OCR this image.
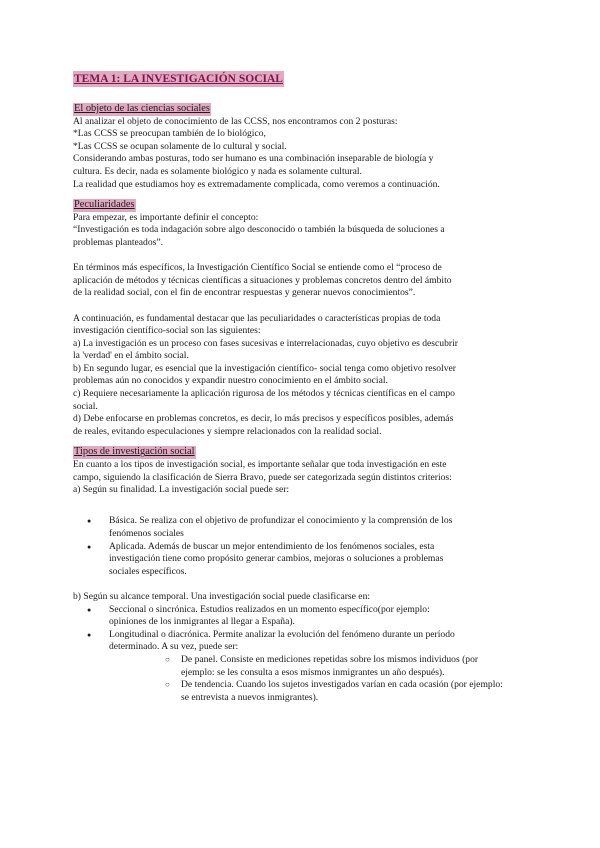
TEMA 1: LA INVESTIGACIÓN SOCIAL
El objeto de las ciencias sociales
Al analizar el objeto de conocimiento de las CCSS, nos encontramos con 2 posturas:
*Las CCSS se preocupan también de lo biológico,
*Las CCSS se ocupan solamente de lo cultural y social.
Considerando ambas posturas, todo ser humano es una combinación inseparable de biología y
cultura. Es decir, nada es solamente biológico y nada es solamente cultural.
La realidad que estudiamos hoy es extremadamente complicada, como veremos a continuación.
Peculiaridades
Para empezar, es importante definir el concepto:
“Investigación es toda indagación sobre algo desconocido o también la búsqueda de soluciones a
problemas planteados”.
En términos más específicos, la Investigación Científico Social se entiende como el “proceso de
aplicación de métodos y técnicas científicas a situaciones y problemas concretos dentro del ámbito
de la realidad social, con el fin de encontrar respuestas y generar nuevos conocimientos”.
A continuación, es fundamental destacar que las peculiaridades o características propias de toda
investigación científico-social son las siguientes:
a) La investigación es un proceso con fases sucesivas e interrelacionadas, cuyo objetivo es descubrir
la 'verdad' en el ámbito social.
b) En segundo lugar, es esencial que la investigación científico- social tenga como objetivo resolver
problemas aún no conocidos y expandir nuestro conocimiento en el ámbito social.
c) Requiere necesariamente la aplicación rigurosa de los métodos y técnicas científicas en el campo
social.
d) Debe enfocarse en problemas concretos, es decir, lo más precisos y específicos posibles, además
de reales, evitando especulaciones y siempre relacionados con la realidad social.
Tipos de investigación social
En cuanto a los tipos de investigación social, es importante señalar que toda investigación en este
campo, siguiendo la clasificación de Sierra Bravo, puede ser categorizada según distintos criterios:
a) Según su finalidad. La investigación social puede ser:
● Básica. Se realiza con el objetivo de profundizar el conocimiento y la comprensión de los
fenómenos sociales
● Aplicada. Además de buscar un mejor entendimiento de los fenómenos sociales, esta
investigación tiene como propósito generar cambios, mejoras o soluciones a problemas
sociales específicos.
b) Según su alcance temporal. Una investigación social puede clasificarse en:
● Seccional o sincrónica. Estudios realizados en un momento específico(por ejemplo:
opiniones de los inmigrantes al llegar a España).
● Longitudinal o diacrónica. Permite analizar la evolución del fenómeno durante un período
determinado. A su vez, puede ser:
○ De panel. Consiste en mediciones repetidas sobre los mismos individuos (por
ejemplo: se les consulta a esos mismos inmigrantes un año después).
○ De tendencia. Cuando los sujetos investigados varían en cada ocasión (por ejemplo:
se entrevista a nuevos inmigrantes).
